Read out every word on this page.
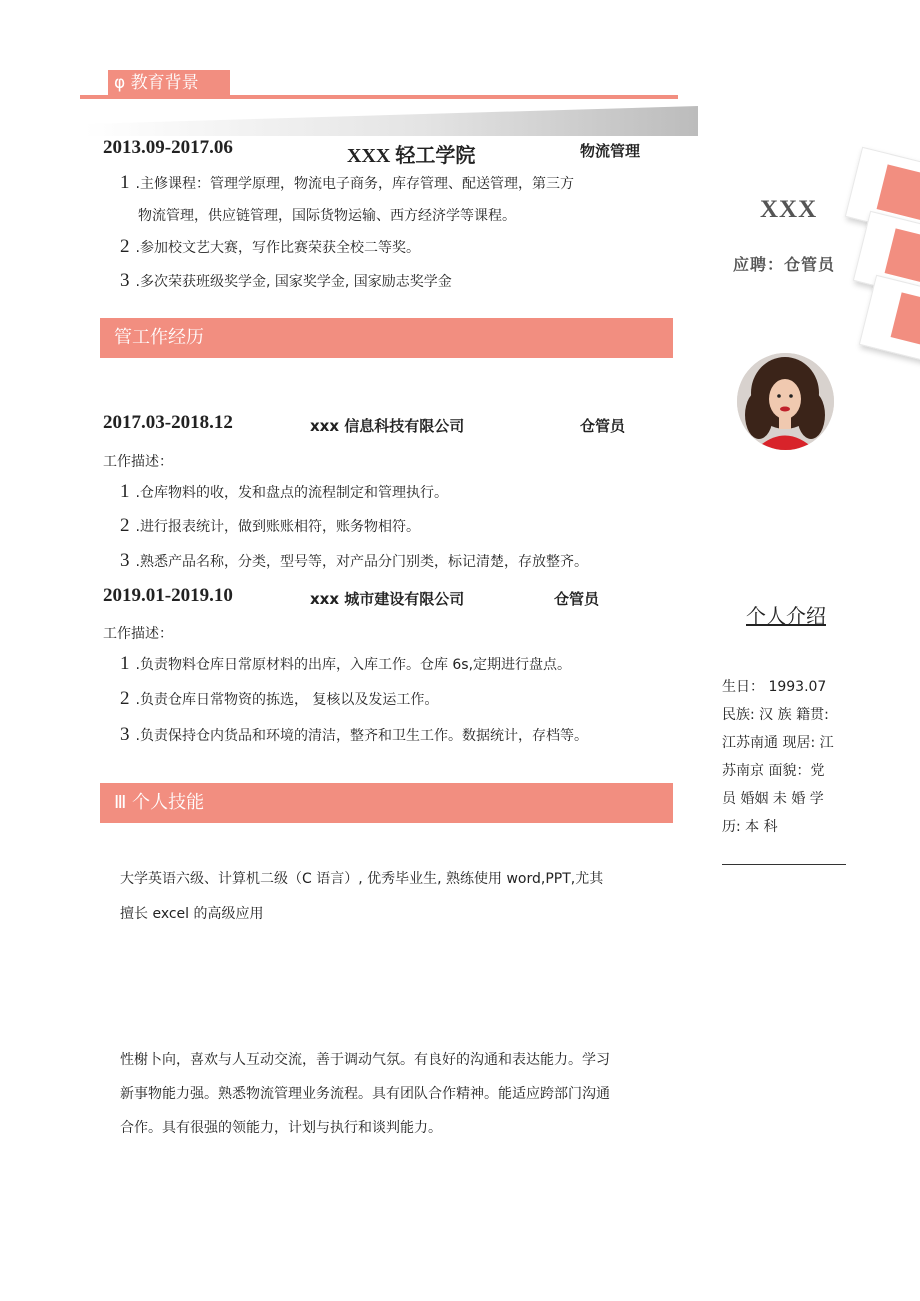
φ 教育背景
2013.09-2017.06	XXX 轻工学院	物流管理
1 .主修课程：管理学原理，物流电子商务，库存管理、配送管理，第三方
物流管理，供应链管理，国际货物运输、西方经济学等课程。
2 .参加校文艺大赛，写作比赛荣获全校二等奖。
3 .多次荣获班级奖学金, 国家奖学金, 国家励志奖学金
管工作经历
2017.03-2018.12	xxx 信息科技有限公司	仓管员
工作描述：
1 .仓库物料的收，发和盘点的流程制定和管理执行。
2 .进行报表统计，做到账账相符，账务物相符。
3 .熟悉产品名称，分类，型号等，对产品分门别类，标记清楚，存放整齐。
2019.01-2019.10	xxx 城市建设有限公司	仓管员
工作描述：
1 .负责物料仓库日常原材料的出库，入库工作。仓库 6s,定期进行盘点。
2 .负责仓库日常物资的拣选， 复核以及发运工作。
3 .负责保持仓内货品和环境的清洁，整齐和卫生工作。数据统计，存档等。
Ⅲ 个人技能
大学英语六级、计算机二级（C 语言）, 优秀毕业生, 熟练使用 word,PPT,尤其
擅长 excel 的高级应用
性榭卜向，喜欢与人互动交流，善于调动气氛。有良好的沟通和表达能力。学习
新事物能力强。熟悉物流管理业务流程。具有团队合作精神。能适应跨部门沟通
合作。具有很强的领能力，计划与执行和谈判能力。
XXX
应聘：仓管员
个人介绍
生日： 1993.07
民族: 汉 族 籍贯:
江苏南通 现居: 江
苏南京 面貌：党
员 婚姻 未 婚 学
历: 本 科
